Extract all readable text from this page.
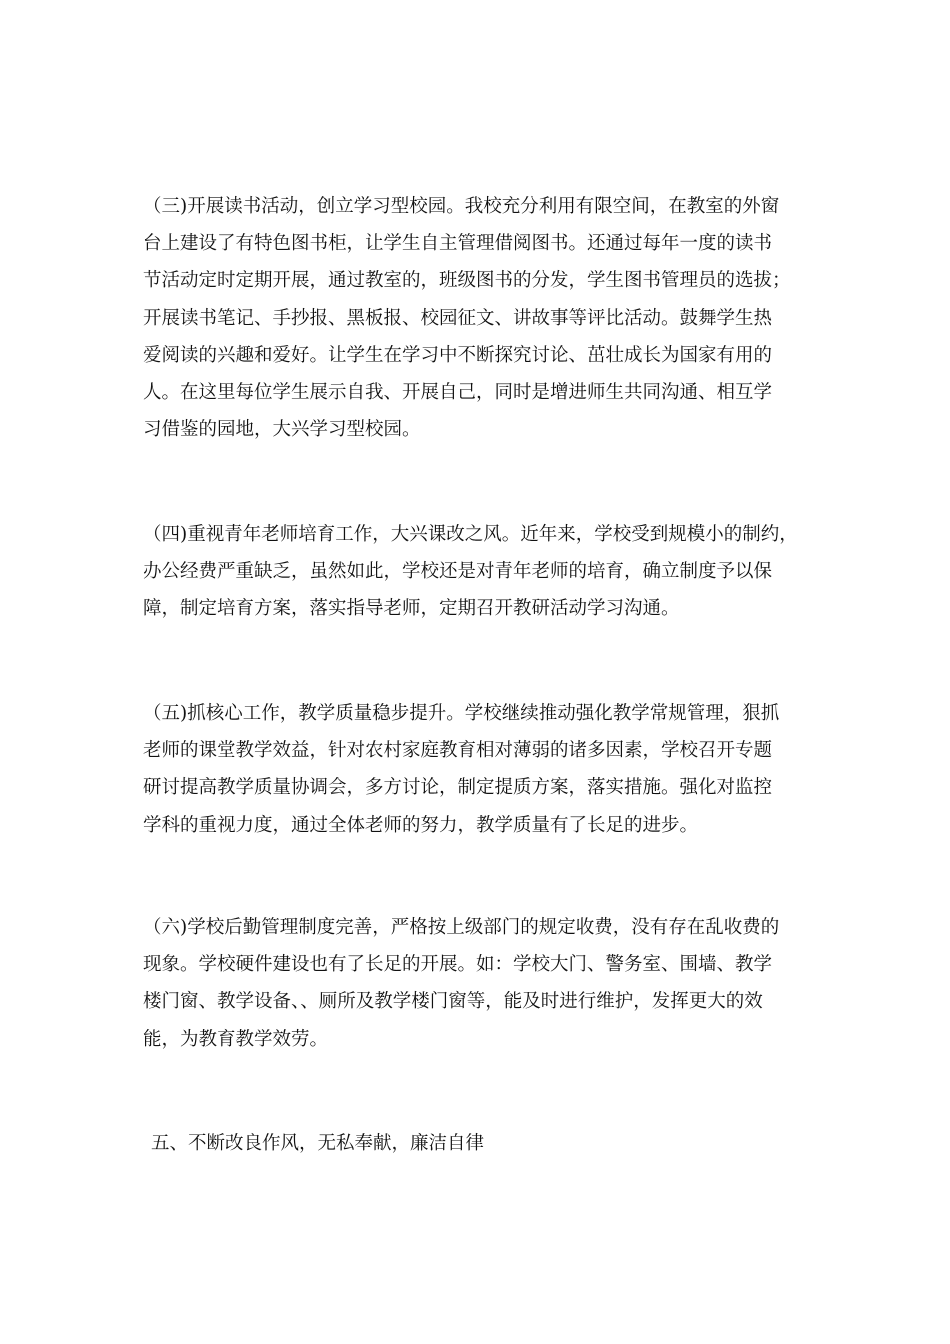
（三)开展读书活动，创立学习型校园。我校充分利用有限空间，在教室的外窗
台上建设了有特色图书柜，让学生自主管理借阅图书。还通过每年一度的读书
节活动定时定期开展，通过教室的，班级图书的分发，学生图书管理员的选拔；
开展读书笔记、手抄报、黑板报、校园征文、讲故事等评比活动。鼓舞学生热
爱阅读的兴趣和爱好。让学生在学习中不断探究讨论、茁壮成长为国家有用的
人。在这里每位学生展示自我、开展自己，同时是增进师生共同沟通、相互学
习借鉴的园地，大兴学习型校园。
（四)重视青年老师培育工作，大兴课改之风。近年来，学校受到规模小的制约，
办公经费严重缺乏，虽然如此，学校还是对青年老师的培育，确立制度予以保
障，制定培育方案，落实指导老师，定期召开教研活动学习沟通。
（五)抓核心工作，教学质量稳步提升。学校继续推动强化教学常规管理，狠抓
老师的课堂教学效益，针对农村家庭教育相对薄弱的诸多因素，学校召开专题
研讨提高教学质量协调会，多方讨论，制定提质方案，落实措施。强化对监控
学科的重视力度，通过全体老师的努力，教学质量有了长足的进步。
（六)学校后勤管理制度完善，严格按上级部门的规定收费，没有存在乱收费的
现象。学校硬件建设也有了长足的开展。如：学校大门、警务室、围墙、教学
楼门窗、教学设备、、厕所及教学楼门窗等，能及时进行维护，发挥更大的效
能，为教育教学效劳。
五、不断改良作风，无私奉献，廉洁自律
